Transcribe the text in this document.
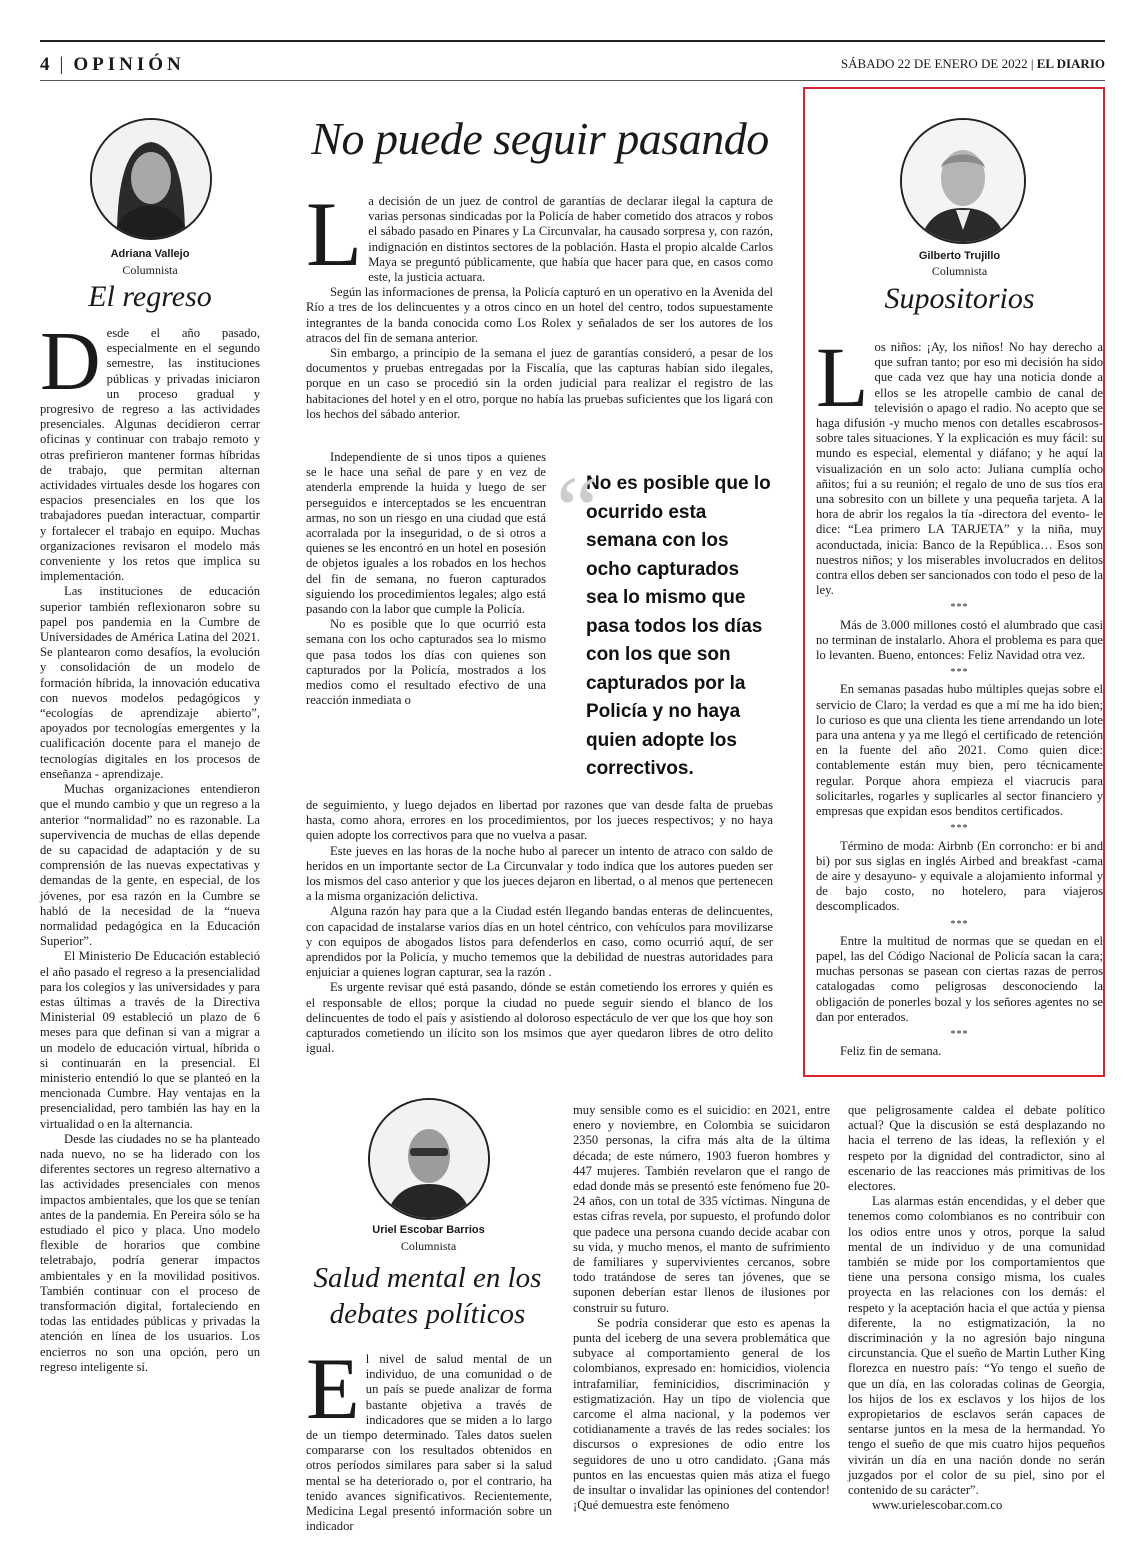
4 | OPINIÓN	SÁBADO 22 DE ENERO DE 2022 | EL DIARIO
Adriana Vallejo
Columnista
El regreso

Desde el año pasado, especialmente en el segundo semestre, las instituciones públicas y privadas iniciaron un proceso gradual y progresivo de regreso a las actividades presenciales. Algunas decidieron cerrar oficinas y continuar con trabajo remoto y otras prefirieron mantener formas híbridas de trabajo, que permitan alternan actividades virtuales desde los hogares con espacios presenciales en los que los trabajadores puedan interactuar, compartir y fortalecer el trabajo en equipo. Muchas organizaciones revisaron el modelo más conveniente y los retos que implica su implementación.

Las instituciones de educación superior también reflexionaron sobre su papel pos pandemia en la Cumbre de Universidades de América Latina del 2021. Se plantearon como desafíos, la evolución y consolidación de un modelo de formación híbrida, la innovación educativa con nuevos modelos pedagógicos y “ecologías de aprendizaje abierto”, apoyados por tecnologías emergentes y la cualificación docente para el manejo de tecnologías digitales en los procesos de enseñanza - aprendizaje.

Muchas organizaciones entendieron que el mundo cambio y que un regreso a la anterior “normalidad” no es razonable. La supervivencia de muchas de ellas depende de su capacidad de adaptación y de su comprensión de las nuevas expectativas y demandas de la gente, en especial, de los jóvenes, por esa razón en la Cumbre se habló de la necesidad de la “nueva normalidad pedagógica en la Educación Superior”.

El Ministerio De Educación estableció el año pasado el regreso a la presencialidad para los colegios y las universidades y para estas últimas a través de la Directiva Ministerial 09 estableció un plazo de 6 meses para que definan si van a migrar a un modelo de educación virtual, híbrida o si continuarán en la presencial. El ministerio entendió lo que se planteó en la mencionada Cumbre. Hay ventajas en la presencialidad, pero también las hay en la virtualidad o en la alternancia.

Desde las ciudades no se ha planteado nada nuevo, no se ha liderado con los diferentes sectores un regreso alternativo a las actividades presenciales con menos impactos ambientales, que los que se tenían antes de la pandemia. En Pereira sólo se ha estudiado el pico y placa. Uno modelo flexible de horarios que combine teletrabajo, podría generar impactos ambientales y en la movilidad positivos. También continuar con el proceso de transformación digital, fortaleciendo en todas las entidades públicas y privadas la atención en línea de los usuarios. Los encierros no son una opción, pero un regreso inteligente sí.

No puede seguir pasando

La decisión de un juez de control de garantías de declarar ilegal la captura de varias personas sindicadas por la Policía de haber cometido dos atracos y robos el sábado pasado en Pinares y La Circunvalar, ha causado sorpresa y, con razón, indignación en distintos sectores de la población. Hasta el propio alcalde Carlos Maya se preguntó públicamente, que había que hacer para que, en casos como este, la justicia actuara.

Según las informaciones de prensa, la Policía capturó en un operativo en la Avenida del Río a tres de los delincuentes y a otros cinco en un hotel del centro, todos supuestamente integrantes de la banda conocida como Los Rolex y señalados de ser los autores de los atracos del fin de semana anterior.

Sin embargo, a principio de la semana el juez de garantías consideró, a pesar de los documentos y pruebas entregadas por la Fiscalía, que las capturas habían sido ilegales, porque en un caso se procedió sin la orden judicial para realizar el registro de las habitaciones del hotel y en el otro, porque no había las pruebas suficientes que los ligará con los hechos del sábado anterior.

Independiente de si unos tipos a quienes se le hace una señal de pare y en vez de atenderla emprende la huida y luego de ser perseguidos e interceptados se les encuentran armas, no son un riesgo en una ciudad que está acorralada por la inseguridad, o de si otros a quienes se les encontró en un hotel en posesión de objetos iguales a los robados en los hechos del fin de semana, no fueron capturados siguiendo los procedimientos legales; algo está pasando con la labor que cumple la Policía.

No es posible que lo que ocurrió esta semana con los ocho capturados sea lo mismo que pasa todos los días con quienes son capturados por la Policía, mostrados a los medios como el resultado efectivo de una reacción inmediata o

“
No es posible que lo ocurrido esta semana con los ocho capturados sea lo mismo que pasa todos los días con los que son capturados por la Policía y no haya quien adopte los correctivos.

de seguimiento, y luego dejados en libertad por razones que van desde falta de pruebas hasta, como ahora, errores en los procedimientos, por los jueces respectivos; y no haya quien adopte los correctivos para que no vuelva a pasar.

Este jueves en las horas de la noche hubo al parecer un intento de atraco con saldo de heridos en un importante sector de La Circunvalar y todo indica que los autores pueden ser los mismos del caso anterior y que los jueces dejaron en libertad, o al menos que pertenecen a la misma organización delictiva.

Alguna razón hay para que a la Ciudad estén llegando bandas enteras de delincuentes, con capacidad de instalarse varios días en un hotel céntrico, con vehículos para movilizarse y con equipos de abogados listos para defenderlos en caso, como ocurrió aquí, de ser aprendidos por la Policía, y mucho tememos que la debilidad de nuestras autoridades para enjuiciar a quienes logran capturar, sea la razón .

Es urgente revisar qué está pasando, dónde se están cometiendo los errores y quién es el responsable de ellos; porque la ciudad no puede seguir siendo el blanco de los delincuentes de todo el país y asistiendo al doloroso espectáculo de ver que los que hoy son capturados cometiendo un ilícito son los msimos que ayer quedaron libres de otro delito igual.

Gilberto Trujillo
Columnista
Supositorios

Los niños: ¡Ay, los niños! No hay derecho a que sufran tanto; por eso mi decisión ha sido que cada vez que hay una noticia donde a ellos se les atropelle cambio de canal de televisión o apago el radio. No acepto que se haga difusión -y mucho menos con detalles escabrosos- sobre tales situaciones. Y la explicación es muy fácil: su mundo es especial, elemental y diáfano; y he aquí la visualización en un solo acto: Juliana cumplía ocho añitos; fui a su reunión; el regalo de uno de sus tíos era una sobresito con un billete y una pequeña tarjeta. A la hora de abrir los regalos la tía -directora del evento- le dice: “Lea primero LA TARJETA” y la niña, muy aconductada, inicia: Banco de la República… Esos son nuestros niños; y los miserables involucrados en delitos contra ellos deben ser sancionados con todo el peso de la ley.

***

Más de 3.000 millones costó el alumbrado que casi no terminan de instalarlo. Ahora el problema es para que lo levanten. Bueno, entonces: Feliz Navidad otra vez.

***

En semanas pasadas hubo múltiples quejas sobre el servicio de Claro; la verdad es que a mí me ha ido bien; lo curioso es que una clienta les tiene arrendando un lote para una antena y ya me llegó el certificado de retención en la fuente del año 2021. Como quien dice: contablemente están muy bien, pero técnicamente regular. Porque ahora empieza el viacrucis para solicitarles, rogarles y suplicarles al sector financiero y empresas que expidan esos benditos certificados.

***

Término de moda: Airbnb (En corroncho: er bi and bi) por sus siglas en inglés Airbed and breakfast -cama de aire y desayuno- y equivale a alojamiento informal y de bajo costo, no hotelero, para viajeros descomplicados.

***

Entre la multitud de normas que se quedan en el papel, las del Código Nacional de Policía sacan la cara; muchas personas se pasean con ciertas razas de perros catalogadas como peligrosas desconociendo la obligación de ponerles bozal y los señores agentes no se dan por enterados.

***

Feliz fin de semana.

Uriel Escobar Barrios
Columnista
Salud mental en los
debates políticos

El nivel de salud mental de un individuo, de una comunidad o de un país se puede analizar de forma bastante objetiva a través de indicadores que se miden a lo largo de un tiempo determinado. Tales datos suelen compararse con los resultados obtenidos en otros períodos similares para saber si la salud mental se ha deteriorado o, por el contrario, ha tenido avances significativos. Recientemente, Medicina Legal presentó información sobre un indicador

muy sensible como es el suicidio: en 2021, entre enero y noviembre, en Colombia se suicidaron 2350 personas, la cifra más alta de la última década; de este número, 1903 fueron hombres y 447 mujeres. También revelaron que el rango de edad donde más se presentó este fenómeno fue 20-24 años, con un total de 335 víctimas. Ninguna de estas cifras revela, por supuesto, el profundo dolor que padece una persona cuando decide acabar con su vida, y mucho menos, el manto de sufrimiento de familiares y supervivientes cercanos, sobre todo tratándose de seres tan jóvenes, que se suponen deberían estar llenos de ilusiones por construir su futuro.

Se podría considerar que esto es apenas la punta del iceberg de una severa problemática que subyace al comportamiento general de los colombianos, expresado en: homicidios, violencia intrafamiliar, feminicidios, discriminación y estigmatización. Hay un tipo de violencia que carcome el alma nacional, y la podemos ver cotidianamente a través de las redes sociales: los discursos o expresiones de odio entre los seguidores de uno u otro candidato. ¡Gana más puntos en las encuestas quien más atiza el fuego de insultar o invalidar las opiniones del contendor! ¡Qué demuestra este fenómeno

que peligrosamente caldea el debate político actual? Que la discusión se está desplazando no hacia el terreno de las ideas, la reflexión y el respeto por la dignidad del contradictor, sino al escenario de las reacciones más primitivas de los electores.

Las alarmas están encendidas, y el deber que tenemos como colombianos es no contribuir con los odios entre unos y otros, porque la salud mental de un individuo y de una comunidad también se mide por los comportamientos que tiene una persona consigo misma, los cuales proyecta en las relaciones con los demás: el respeto y la aceptación hacia el que actúa y piensa diferente, la no estigmatización, la no discriminación y la no agresión bajo ninguna circunstancia. Que el sueño de Martin Luther King florezca en nuestro país: “Yo tengo el sueño de que un día, en las coloradas colinas de Georgia, los hijos de los ex esclavos y los hijos de los expropietarios de esclavos serán capaces de sentarse juntos en la mesa de la hermandad. Yo tengo el sueño de que mis cuatro hijos pequeños vivirán un día en una nación donde no serán juzgados por el color de su piel, sino por el contenido de su carácter”.

www.urielescobar.com.co
